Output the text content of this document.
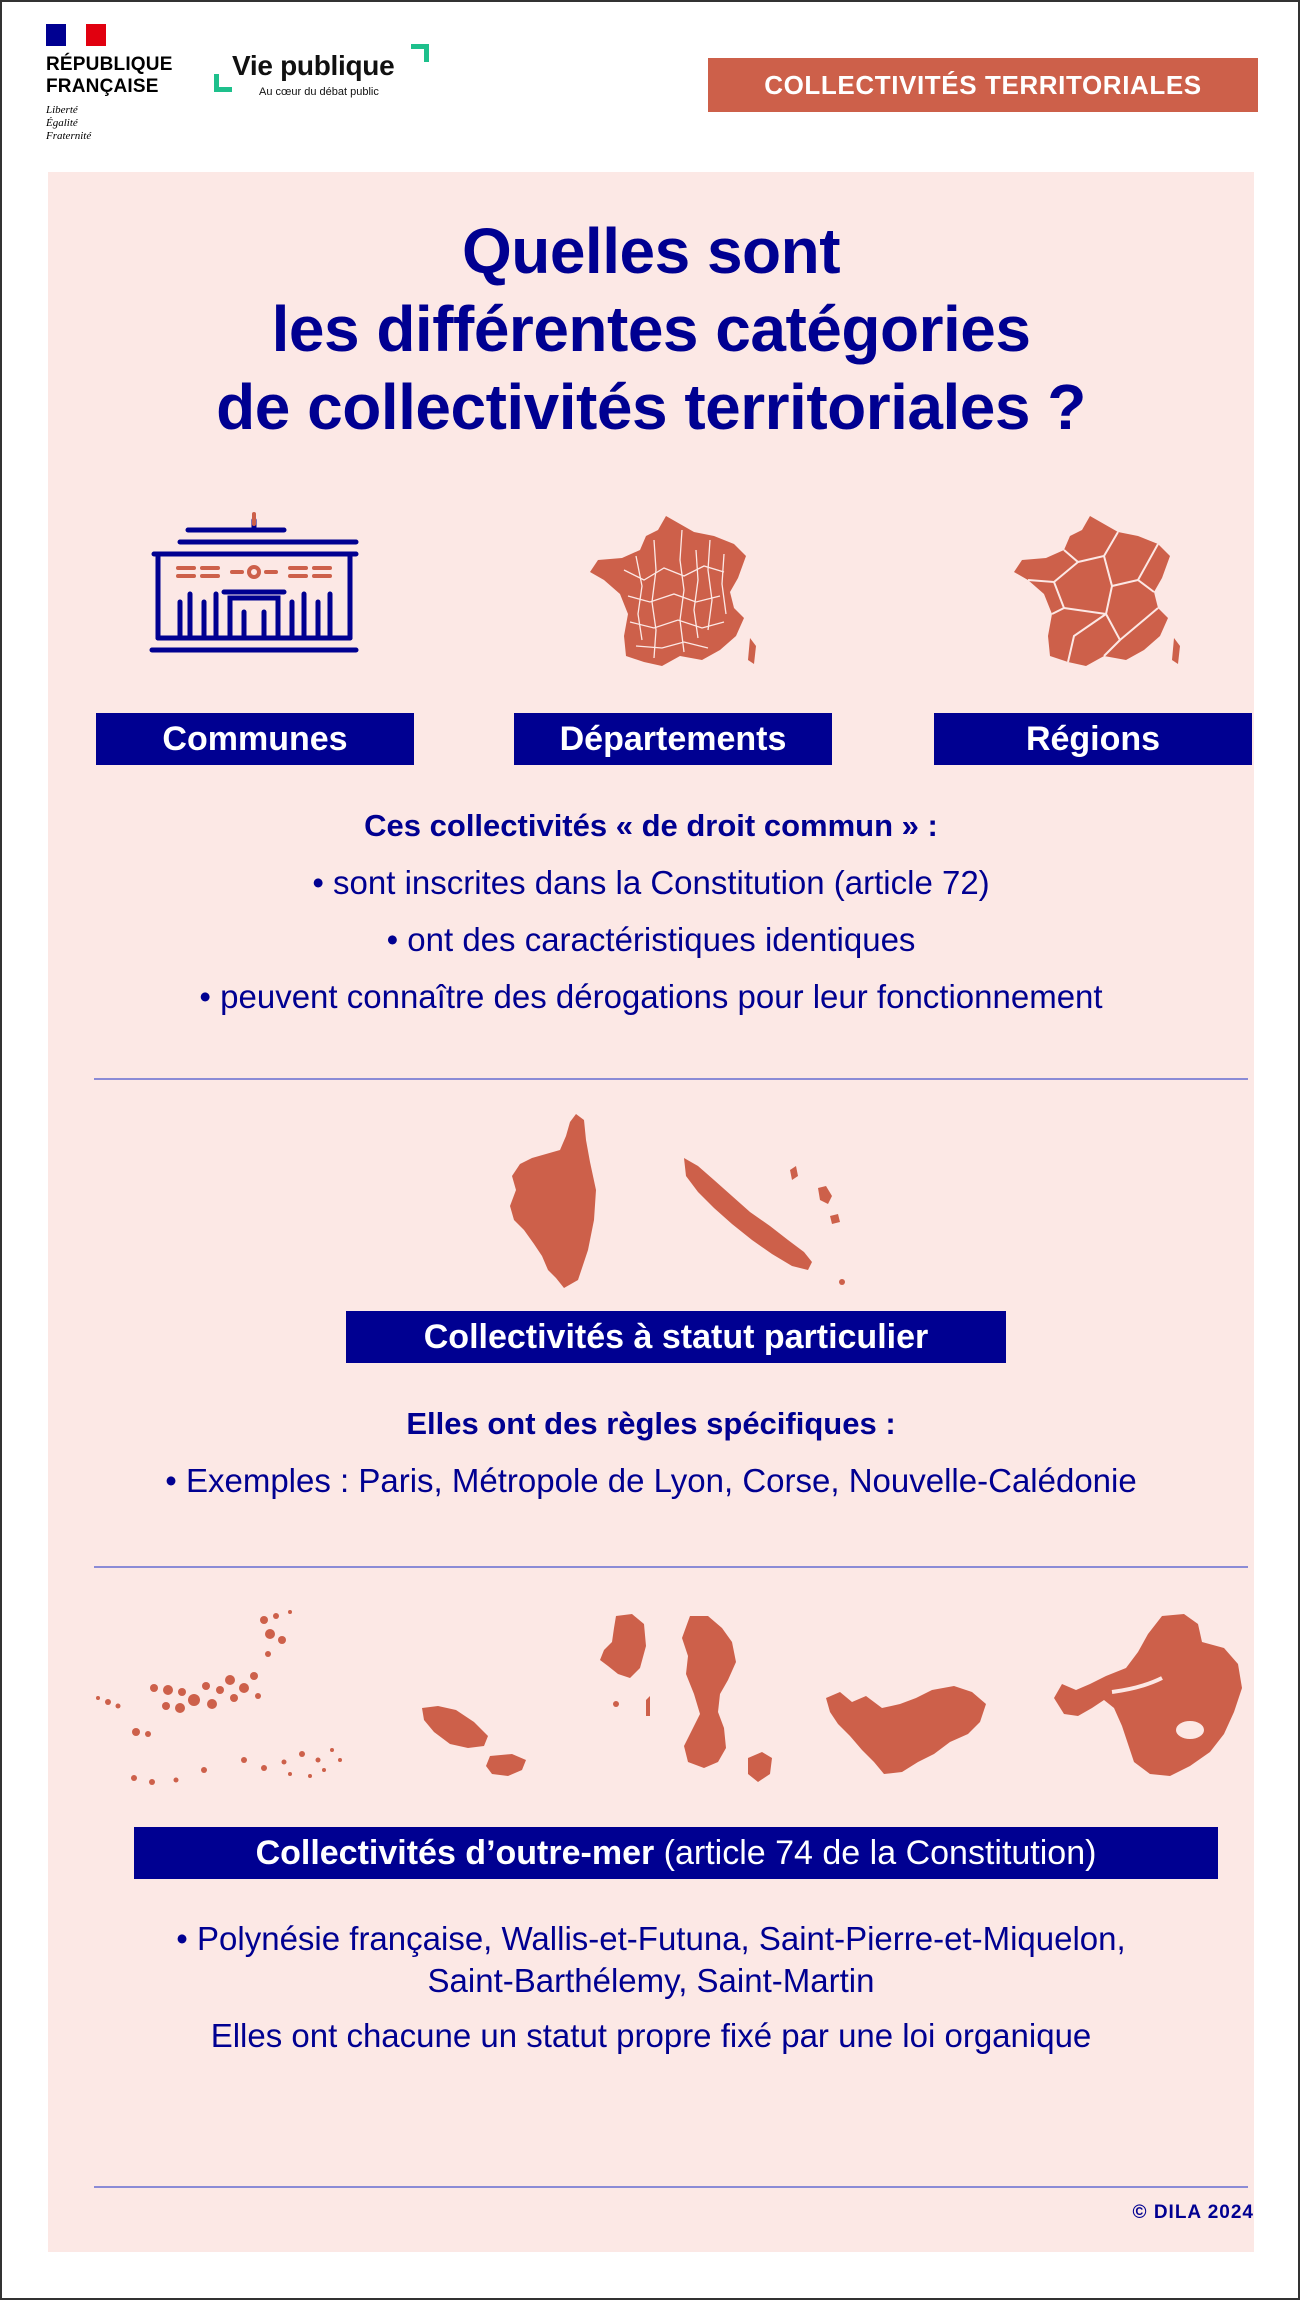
RÉPUBLIQUE
FRANÇAISE
Liberté
Égalité
Fraternité
Vie publique
Au cœur du débat public	COLLECTIVITÉS TERRITORIALES
Quelles sont
les différentes catégories
de collectivités territoriales ?
Communes	Départements	Régions
Ces collectivités « de droit commun » :
• sont inscrites dans la Constitution (article 72)
• ont des caractéristiques identiques
• peuvent connaître des dérogations pour leur fonctionnement
Collectivités à statut particulier
Elles ont des règles spécifiques :
• Exemples : Paris, Métropole de Lyon, Corse, Nouvelle-Calédonie
Collectivités d’outre-mer (article 74 de la Constitution)
• Polynésie française, Wallis-et-Futuna, Saint-Pierre-et-Miquelon,
Saint-Barthélemy, Saint-Martin
Elles ont chacune un statut propre fixé par une loi organique
© DILA 2024
